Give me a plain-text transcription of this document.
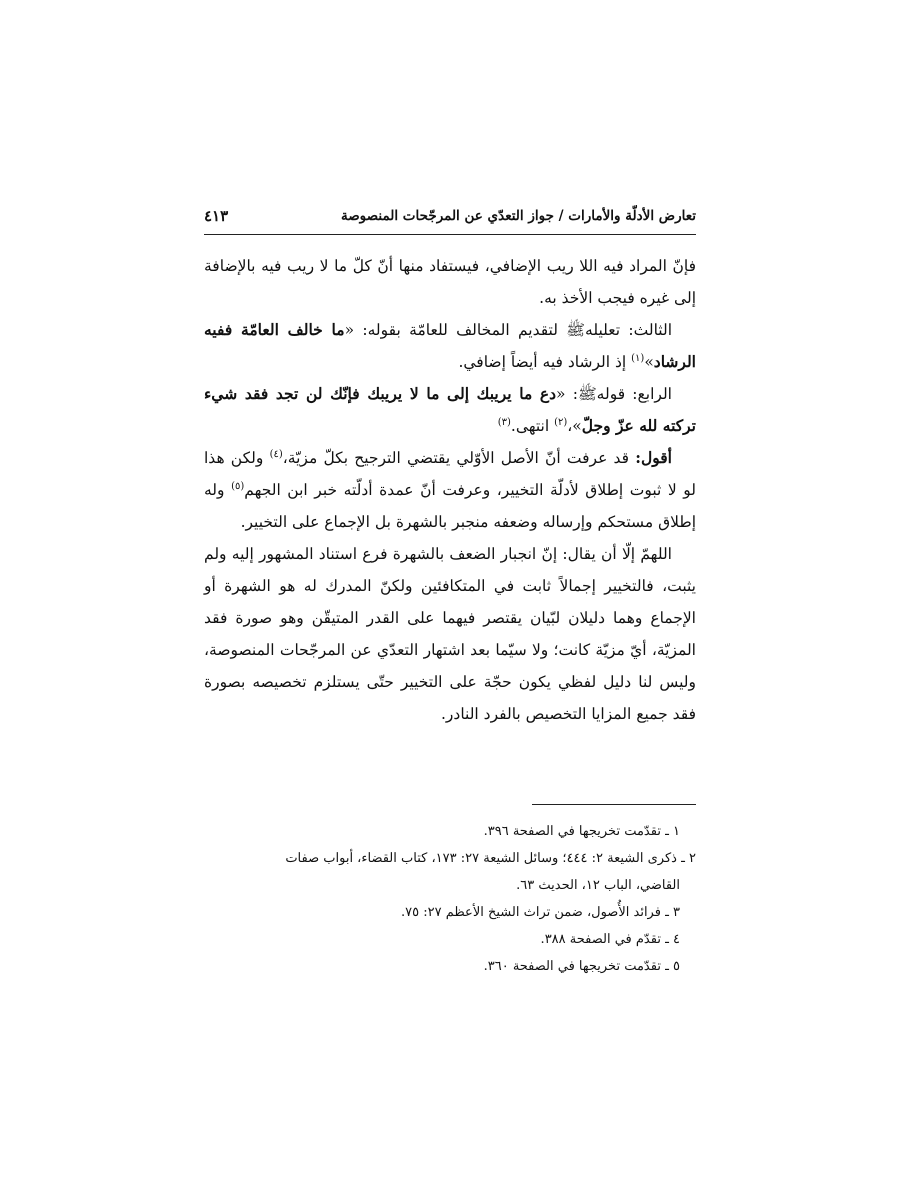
تعارض الأدلّة والأمارات / جواز التعدّي عن المرجّحات المنصوصة
٤١٣

فإنّ المراد فيه اللا ريب الإضافي، فيستفاد منها أنّ كلّ ما لا ريب فيه بالإضافة إلى غيره فيجب الأخذ به.

الثالث: تعليلهﷺ لتقديم المخالف للعامّة بقوله: «ما خالف العامّة ففيه الرشاد»$^{(١)}$ إذ الرشاد فيه أيضاً إضافي.

الرابع: قولهﷺ: «دع ما يريبك إلى ما لا يريبك فإنّك لن تجد فقد شيء تركته لله عزّ وجلّ»،$^{(٢)}$ انتهى.$^{(٣)}$

أقول: قد عرفت أنّ الأصل الأوّلي يقتضي الترجيح بكلّ مزيّة،$^{(٤)}$ ولكن هذا لو لا ثبوت إطلاق لأدلّة التخيير، وعرفت أنّ عمدة أدلّته خبر ابن الجهم$^{(٥)}$ وله إطلاق مستحكم وإرساله وضعفه منجبر بالشهرة بل الإجماع على التخيير.

اللهمّ إلّا أن يقال: إنّ انجبار الضعف بالشهرة فرع استناد المشهور إليه ولم يثبت، فالتخيير إجمالاً ثابت في المتكافئين ولكنّ المدرك له هو الشهرة أو الإجماع وهما دليلان لبّيان يقتصر فيهما على القدر المتيقّن وهو صورة فقد المزيّة، أيّ مزيّة كانت؛ ولا سيّما بعد اشتهار التعدّي عن المرجّحات المنصوصة، وليس لنا دليل لفظي يكون حجّة على التخيير حتّى يستلزم تخصيصه بصورة فقد جميع المزايا التخصيص بالفرد النادر.

١ ـ تقدّمت تخريجها في الصفحة ٣٩٦.

٢ ـ ذكرى الشيعة ٢: ٤٤٤؛ وسائل الشيعة ٢٧: ١٧٣، كتاب القضاء، أبواب صفات
القاضي، الباب ١٢، الحديث ٦٣.

٣ ـ فرائد الأُصول، ضمن تراث الشيخ الأعظم ٢٧: ٧٥.

٤ ـ تقدّم في الصفحة ٣٨٨.

٥ ـ تقدّمت تخريجها في الصفحة ٣٦٠.
